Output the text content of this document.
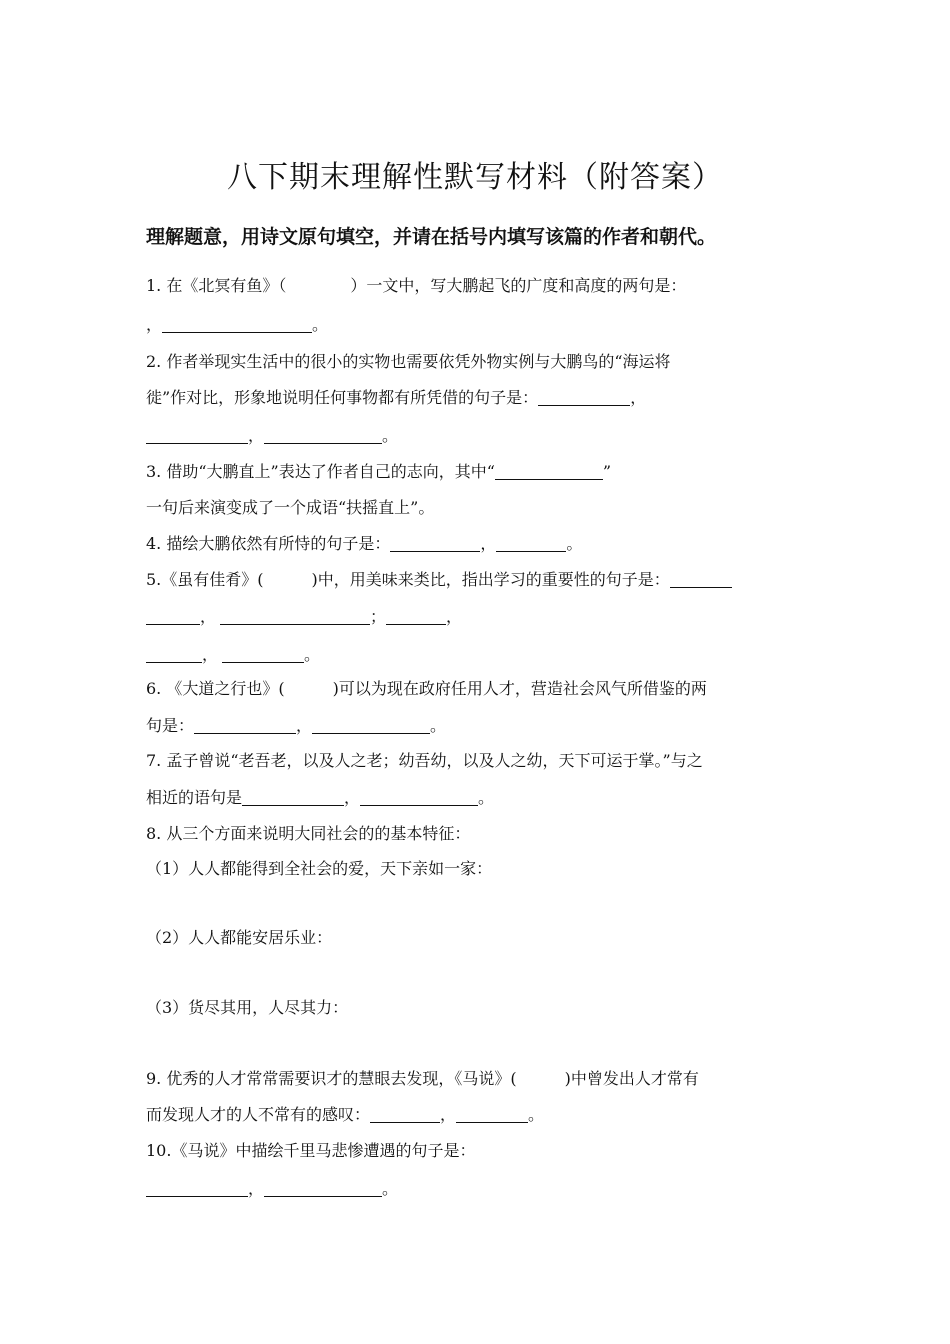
八下期末理解性默写材料（附答案）
理解题意，用诗文原句填空，并请在括号内填写该篇的作者和朝代。
1. 在《北冥有鱼》（　　　　）一文中，写大鹏起飞的广度和高度的两句是：
，	。
2. 作者举现实生活中的很小的实物也需要依凭外物实例与大鹏鸟的“海运将
徙”作对比，形象地说明任何事物都有所凭借的句子是：	，
，	。
3. 借助“大鹏直上”表达了作者自己的志向，其中“	”
一句后来演变成了一个成语“扶摇直上”。
4. 描绘大鹏依然有所恃的句子是：	，	。
5.《虽有佳肴》(　　　)中，用美味来类比，指出学习的重要性的句子是：
，	；	，
，	。
6. 《大道之行也》(　　　)可以为现在政府任用人才，营造社会风气所借鉴的两
句是：	，	。
7. 孟子曾说“老吾老，以及人之老；幼吾幼，以及人之幼，天下可运于掌。”与之
相近的语句是	，	。
8. 从三个方面来说明大同社会的的基本特征：
（1）人人都能得到全社会的爱，天下亲如一家：
（2）人人都能安居乐业：
（3）货尽其用，人尽其力：
9. 优秀的人才常常需要识才的慧眼去发现，《马说》(　　　)中曾发出人才常有
而发现人才的人不常有的感叹：	，	。
10.《马说》中描绘千里马悲惨遭遇的句子是：
，	。
